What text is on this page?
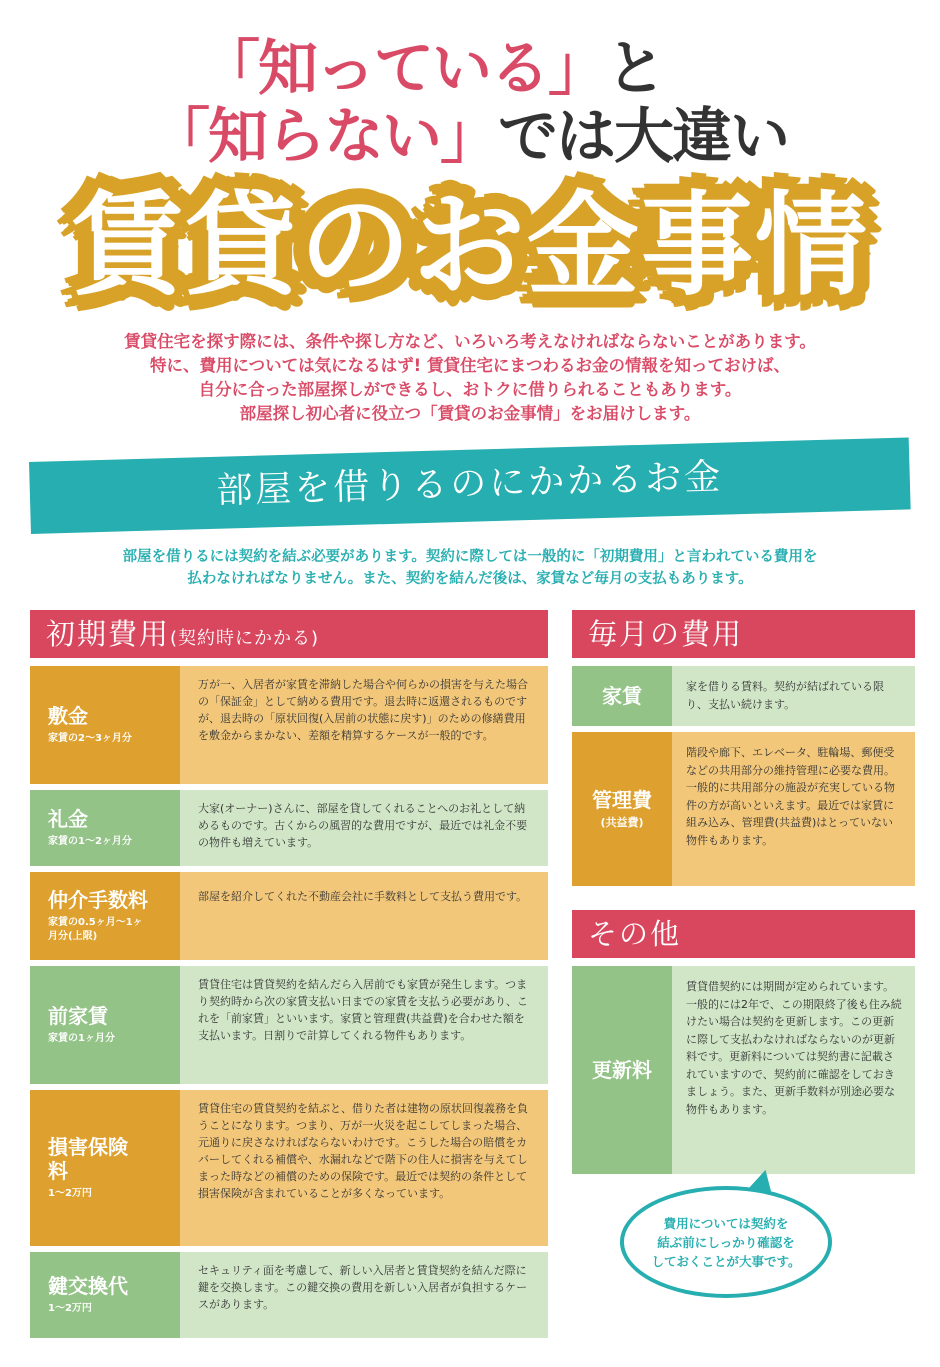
「知っている」と
「知らない」では大違い
賃貸のお金事情
賃貸住宅を探す際には、条件や探し方など、いろいろ考えなければならないことがあります。
特に、費用については気になるはず! 賃貸住宅にまつわるお金の情報を知っておけば、
自分に合った部屋探しができるし、おトクに借りられることもあります。
部屋探し初心者に役立つ「賃貸のお金事情」をお届けします。
部屋を借りるのにかかるお金
部屋を借りるには契約を結ぶ必要があります。契約に際しては一般的に「初期費用」と言われている費用を
払わなければなりません。また、契約を結んだ後は、家賃など毎月の支払もあります。
初期費用(契約時にかかる)
敷金
家賃の2〜3ヶ月分
万が一、入居者が家賃を滞納した場合や何らかの損害を与えた場合の「保証金」として納める費用です。退去時に返還されるものですが、退去時の「原状回復(入居前の状態に戻す)」のための修繕費用を敷金からまかない、差額を精算するケースが一般的です。
礼金
家賃の1〜2ヶ月分
大家(オーナー)さんに、部屋を貸してくれることへのお礼として納めるものです。古くからの風習的な費用ですが、最近では礼金不要の物件も増えています。
仲介手数料
家賃の0.5ヶ月〜1ヶ月分(上限)
部屋を紹介してくれた不動産会社に手数料として支払う費用です。
前家賃
家賃の1ヶ月分
賃貸住宅は賃貸契約を結んだら入居前でも家賃が発生します。つまり契約時から次の家賃支払い日までの家賃を支払う必要があり、これを「前家賃」といいます。家賃と管理費(共益費)を合わせた額を支払います。日割りで計算してくれる物件もあります。
損害保険料
1〜2万円
賃貸住宅の賃貸契約を結ぶと、借りた者は建物の原状回復義務を負うことになります。つまり、万が一火災を起こしてしまった場合、元通りに戻さなければならないわけです。こうした場合の賠償をカバーしてくれる補償や、水漏れなどで階下の住人に損害を与えてしまった時などの補償のための保険です。最近では契約の条件として損害保険が含まれていることが多くなっています。
鍵交換代
1〜2万円
セキュリティ面を考慮して、新しい入居者と賃貸契約を結んだ際に鍵を交換します。この鍵交換の費用を新しい入居者が負担するケースがあります。
毎月の費用
家賃	家を借りる賃料。契約が結ばれている限り、支払い続けます。
管理費
(共益費)
階段や廊下、エレベータ、駐輪場、郵便受などの共用部分の維持管理に必要な費用。一般的に共用部分の施設が充実している物件の方が高いといえます。最近では家賃に組み込み、管理費(共益費)はとっていない物件もあります。
その他
更新料
賃貸借契約には期間が定められています。一般的には2年で、この期限終了後も住み続けたい場合は契約を更新します。この更新に際して支払わなければならないのが更新料です。更新料については契約書に記載されていますので、契約前に確認をしておきましょう。また、更新手数料が別途必要な物件もあります。
費用については契約を
結ぶ前にしっかり確認を
しておくことが大事です。
